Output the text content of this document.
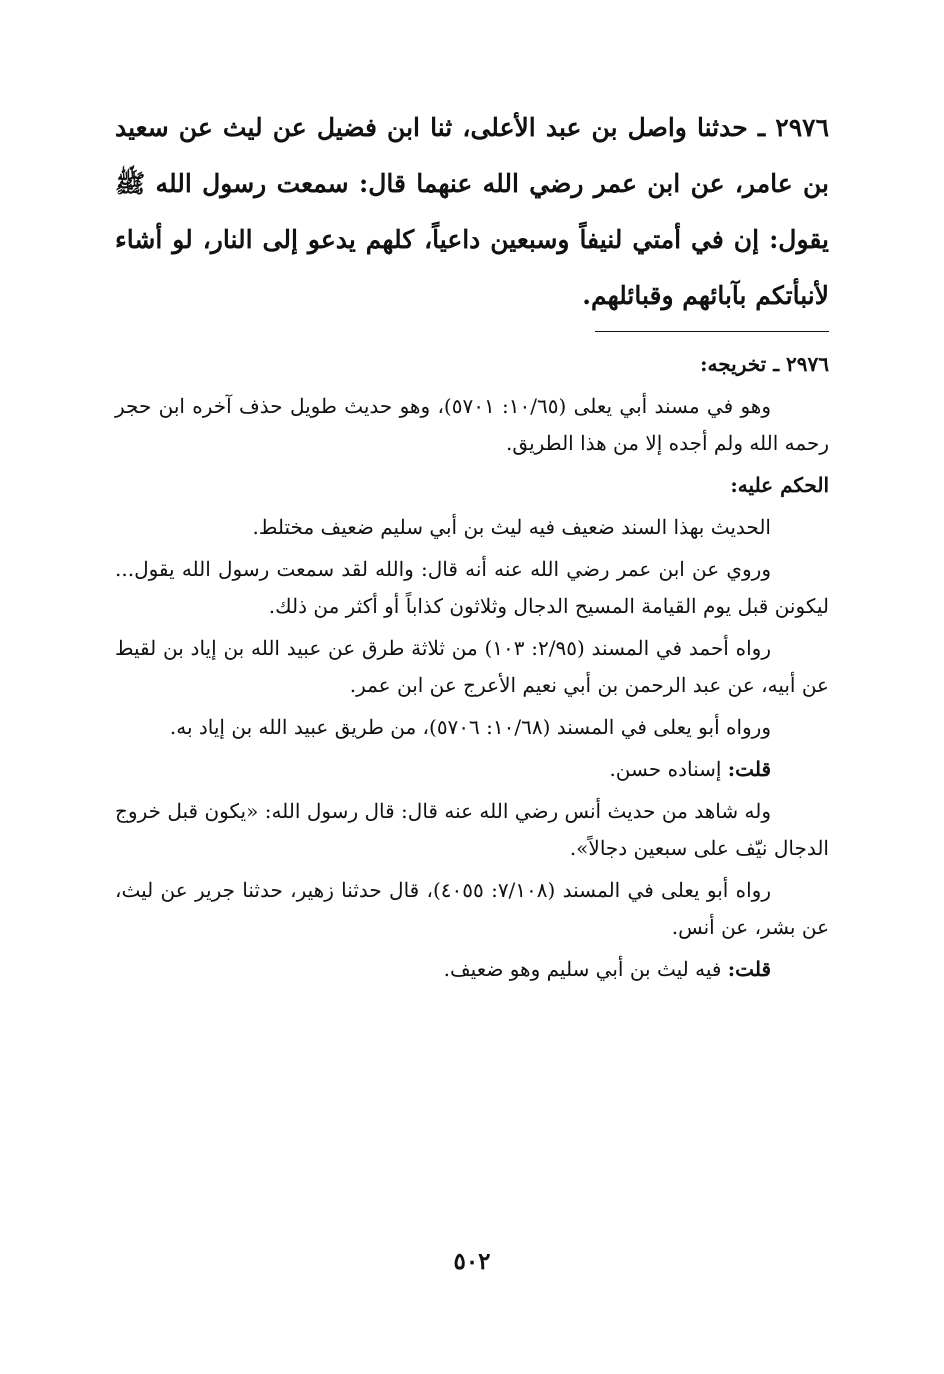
٢٩٧٦ ـ حدثنا واصل بن عبد الأعلى، ثنا ابن فضيل عن ليث عن سعيد بن عامر، عن ابن عمر رضي الله عنهما قال: سمعت رسول الله ﷺ يقول: إن في أمتي لنيفاً وسبعين داعياً، كلهم يدعو إلى النار، لو أشاء لأنبأتكم بآبائهم وقبائلهم.

٢٩٧٦ ـ تخريجه:

وهو في مسند أبي يعلى (١٠/٦٥: ٥٧٠١)، وهو حديث طويل حذف آخره ابن حجر رحمه الله ولم أجده إلا من هذا الطريق.

الحكم عليه:

الحديث بهذا السند ضعيف فيه ليث بن أبي سليم ضعيف مختلط.

وروي عن ابن عمر رضي الله عنه أنه قال: والله لقد سمعت رسول الله يقول... ليكونن قبل يوم القيامة المسيح الدجال وثلاثون كذاباً أو أكثر من ذلك.

رواه أحمد في المسند (٢/٩٥: ١٠٣) من ثلاثة طرق عن عبيد الله بن إياد بن لقيط عن أبيه، عن عبد الرحمن بن أبي نعيم الأعرج عن ابن عمر.

ورواه أبو يعلى في المسند (١٠/٦٨: ٥٧٠٦)، من طريق عبيد الله بن إياد به.

قلت: إسناده حسن.

وله شاهد من حديث أنس رضي الله عنه قال: قال رسول الله: «يكون قبل خروج الدجال نيّف على سبعين دجالاً».

رواه أبو يعلى في المسند (٧/١٠٨: ٤٠٥٥)، قال حدثنا زهير، حدثنا جرير عن ليث، عن بشر، عن أنس.

قلت: فيه ليث بن أبي سليم وهو ضعيف.

٥٠٢
